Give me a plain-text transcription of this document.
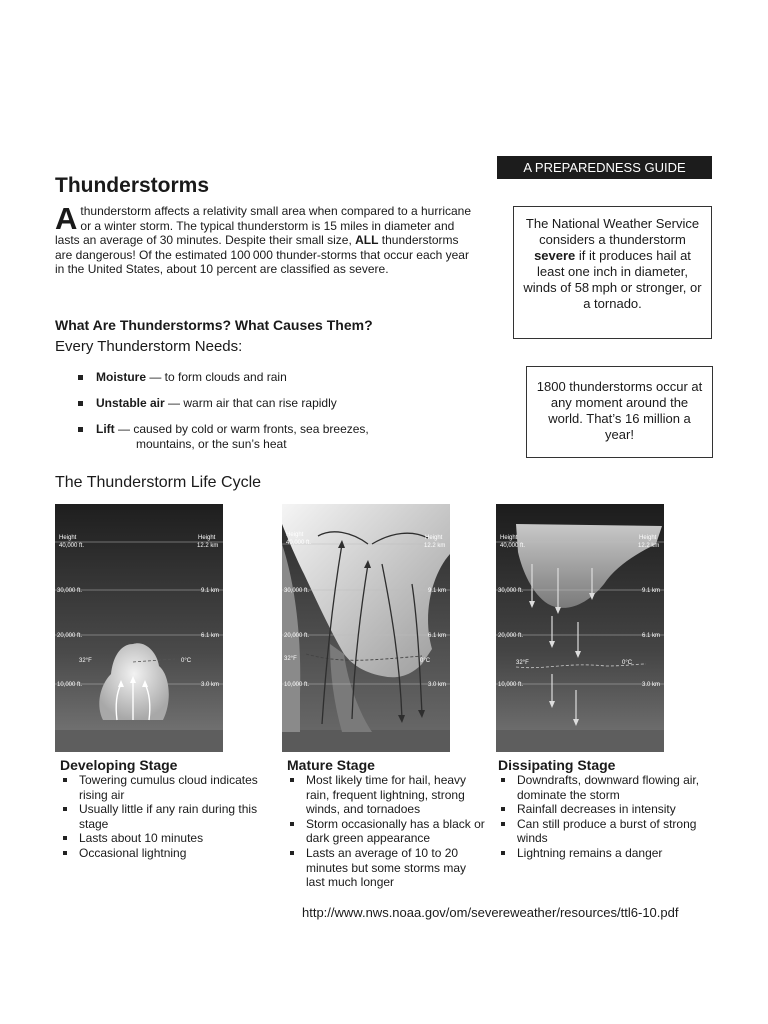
A PREPAREDNESS GUIDE
Thunderstorms
A thunderstorm affects a relativity small area when compared to a hurricane or a winter storm. The typical thunderstorm is 15 miles in diameter and lasts an average of 30 minutes. Despite their small size, ALL thunderstorms are dangerous! Of the estimated 100 000 thunder-storms that occur each year in the United States, about 10 percent are classified as severe.
The National Weather Service considers a thunderstorm severe if it produces hail at least one inch in diameter, winds of 58 mph or stronger, or a tornado.
1800 thunderstorms occur at any moment around the world. That’s 16 million a year!
What Are Thunderstorms? What Causes Them?
Every Thunderstorm Needs:
Moisture — to form clouds and rain
Unstable air — warm air that can rise rapidly
Lift — caused by cold or warm fronts, sea breezes,
mountains, or the sun’s heat
The Thunderstorm Life Cycle
Height
40,000 ft.
Height
12.2 km
30,000 ft.	9.1 km
20,000 ft.	6.1 km
32°F	0°C
10,000 ft.	3.0 km
Height
40,000 ft.
Height
12.2 km
30,000 ft.	9.1 km
20,000 ft.	6.1 km
32°F	0°C
10,000 ft.	3.0 km
Height
40,000 ft.
Height
12.2 km
30,000 ft.	9.1 km
20,000 ft.	6.1 km
32°F	0°C
10,000 ft.	3.0 km
Developing Stage
Towering cumulus cloud indicates rising air
Usually little if any rain during this stage
Lasts about 10 minutes
Occasional lightning
Mature Stage
Most likely time for hail, heavy rain, frequent lightning, strong winds, and tornadoes
Storm occasionally has a black or dark green appearance
Lasts an average of 10 to 20 minutes but some storms may last much longer
Dissipating Stage
Downdrafts, downward flowing air, dominate the storm
Rainfall decreases in intensity
Can still produce a burst of strong winds
Lightning remains a danger
http://www.nws.noaa.gov/om/severeweather/resources/ttl6-10.pdf
